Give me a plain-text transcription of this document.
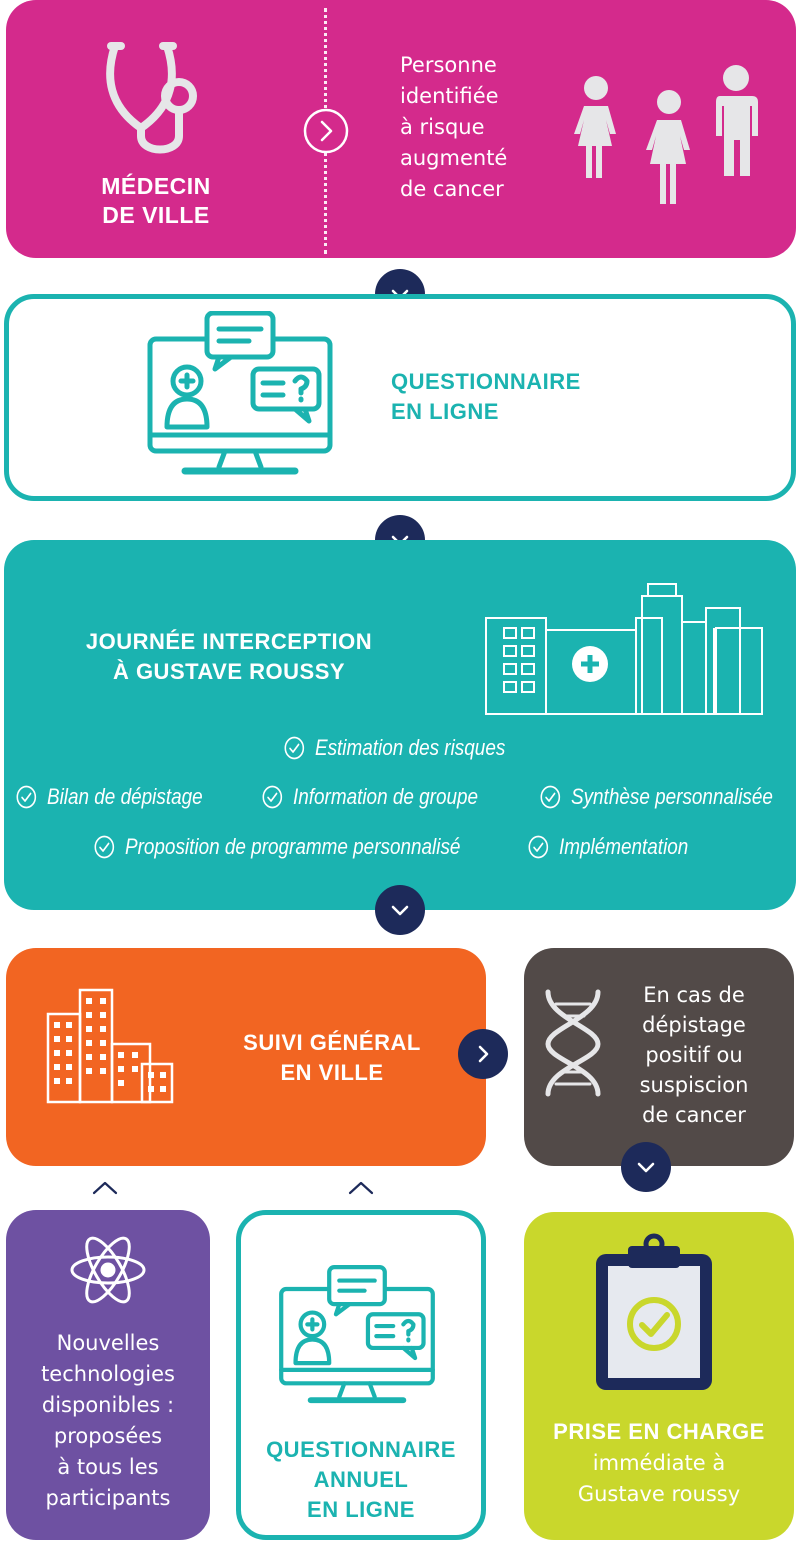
MÉDECIN
DE VILLE
Personne
identifiée
à risque
augmenté
de cancer
QUESTIONNAIRE
EN LIGNE
JOURNÉE INTERCEPTION
À GUSTAVE ROUSSY
Estimation des risques
Bilan de dépistage	Information de groupe	Synthèse personnalisée
Proposition de programme personnalisé	Implémentation
SUIVI GÉNÉRAL
EN VILLE
En cas de
dépistage
positif ou
suspiscion
de cancer
Nouvelles
technologies
disponibles :
proposées
à tous les
participants
QUESTIONNAIRE
ANNUEL
EN LIGNE
PRISE EN CHARGE
immédiate à
Gustave roussy
